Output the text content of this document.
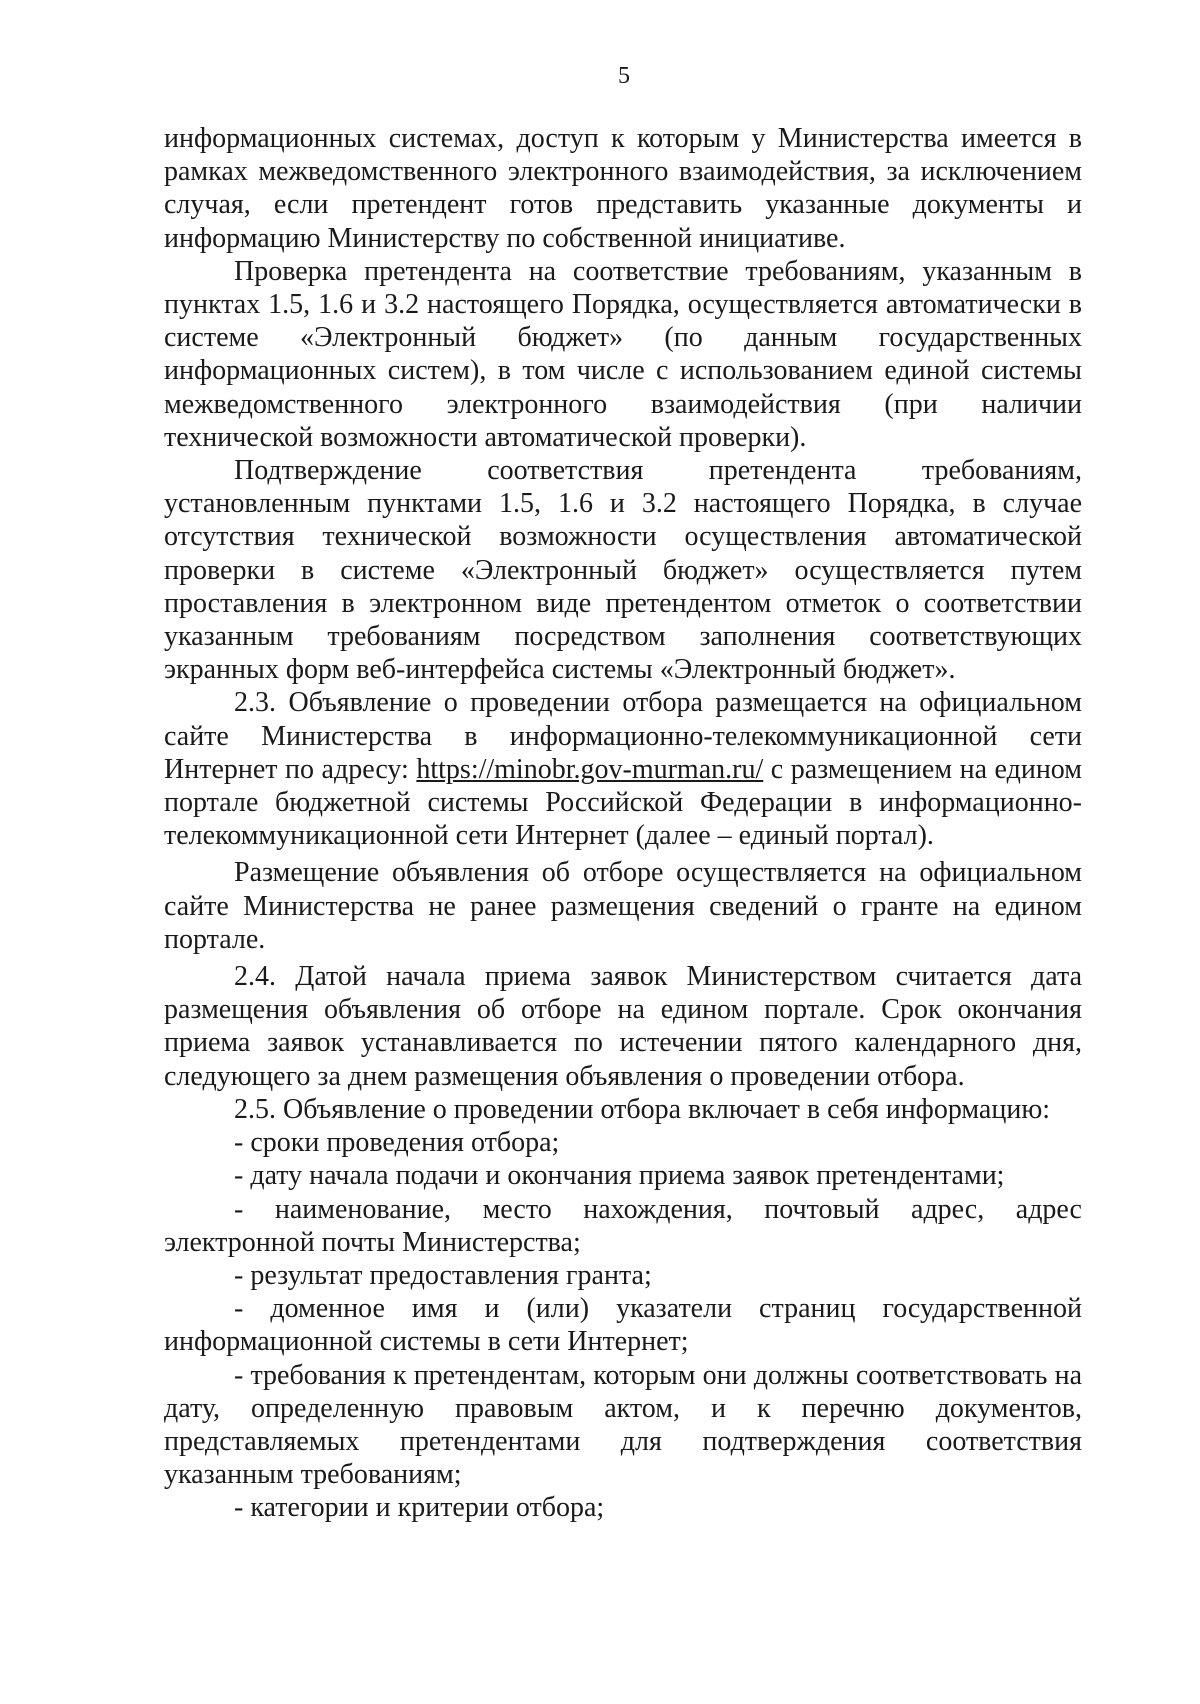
5

информационных системах, доступ к которым у Министерства имеется в рамках межведомственного электронного взаимодействия, за исключением случая, если претендент готов представить указанные документы и информацию Министерству по собственной инициативе.

Проверка претендента на соответствие требованиям, указанным в пунктах 1.5, 1.6 и 3.2 настоящего Порядка, осуществляется автоматически в системе «Электронный бюджет» (по данным государственных информационных систем), в том числе с использованием единой системы межведомственного электронного взаимодействия (при наличии технической возможности автоматической проверки).

Подтверждение соответствия претендента требованиям, установленным пунктами 1.5, 1.6 и 3.2 настоящего Порядка, в случае отсутствия технической возможности осуществления автоматической проверки в системе «Электронный бюджет» осуществляется путем проставления в электронном виде претендентом отметок о соответствии указанным требованиям посредством заполнения соответствующих экранных форм веб-интерфейса системы «Электронный бюджет».

2.3. Объявление о проведении отбора размещается на официальном сайте Министерства в информационно-телекоммуникационной сети Интернет по адресу: https://minobr.gov-murman.ru/ с размещением на едином портале бюджетной системы Российской Федерации в информационно-телекоммуникационной сети Интернет (далее – единый портал).

Размещение объявления об отборе осуществляется на официальном сайте Министерства не ранее размещения сведений о гранте на едином портале.

2.4. Датой начала приема заявок Министерством считается дата размещения объявления об отборе на едином портале. Срок окончания приема заявок устанавливается по истечении пятого календарного дня, следующего за днем размещения объявления о проведении отбора.

2.5. Объявление о проведении отбора включает в себя информацию:

- сроки проведения отбора;

- дату начала подачи и окончания приема заявок претендентами;

- наименование, место нахождения, почтовый адрес, адрес электронной почты Министерства;

- результат предоставления гранта;

- доменное имя и (или) указатели страниц государственной информационной системы в сети Интернет;

- требования к претендентам, которым они должны соответствовать на дату, определенную правовым актом, и к перечню документов, представляемых претендентами для подтверждения соответствия указанным требованиям;

- категории и критерии отбора;
